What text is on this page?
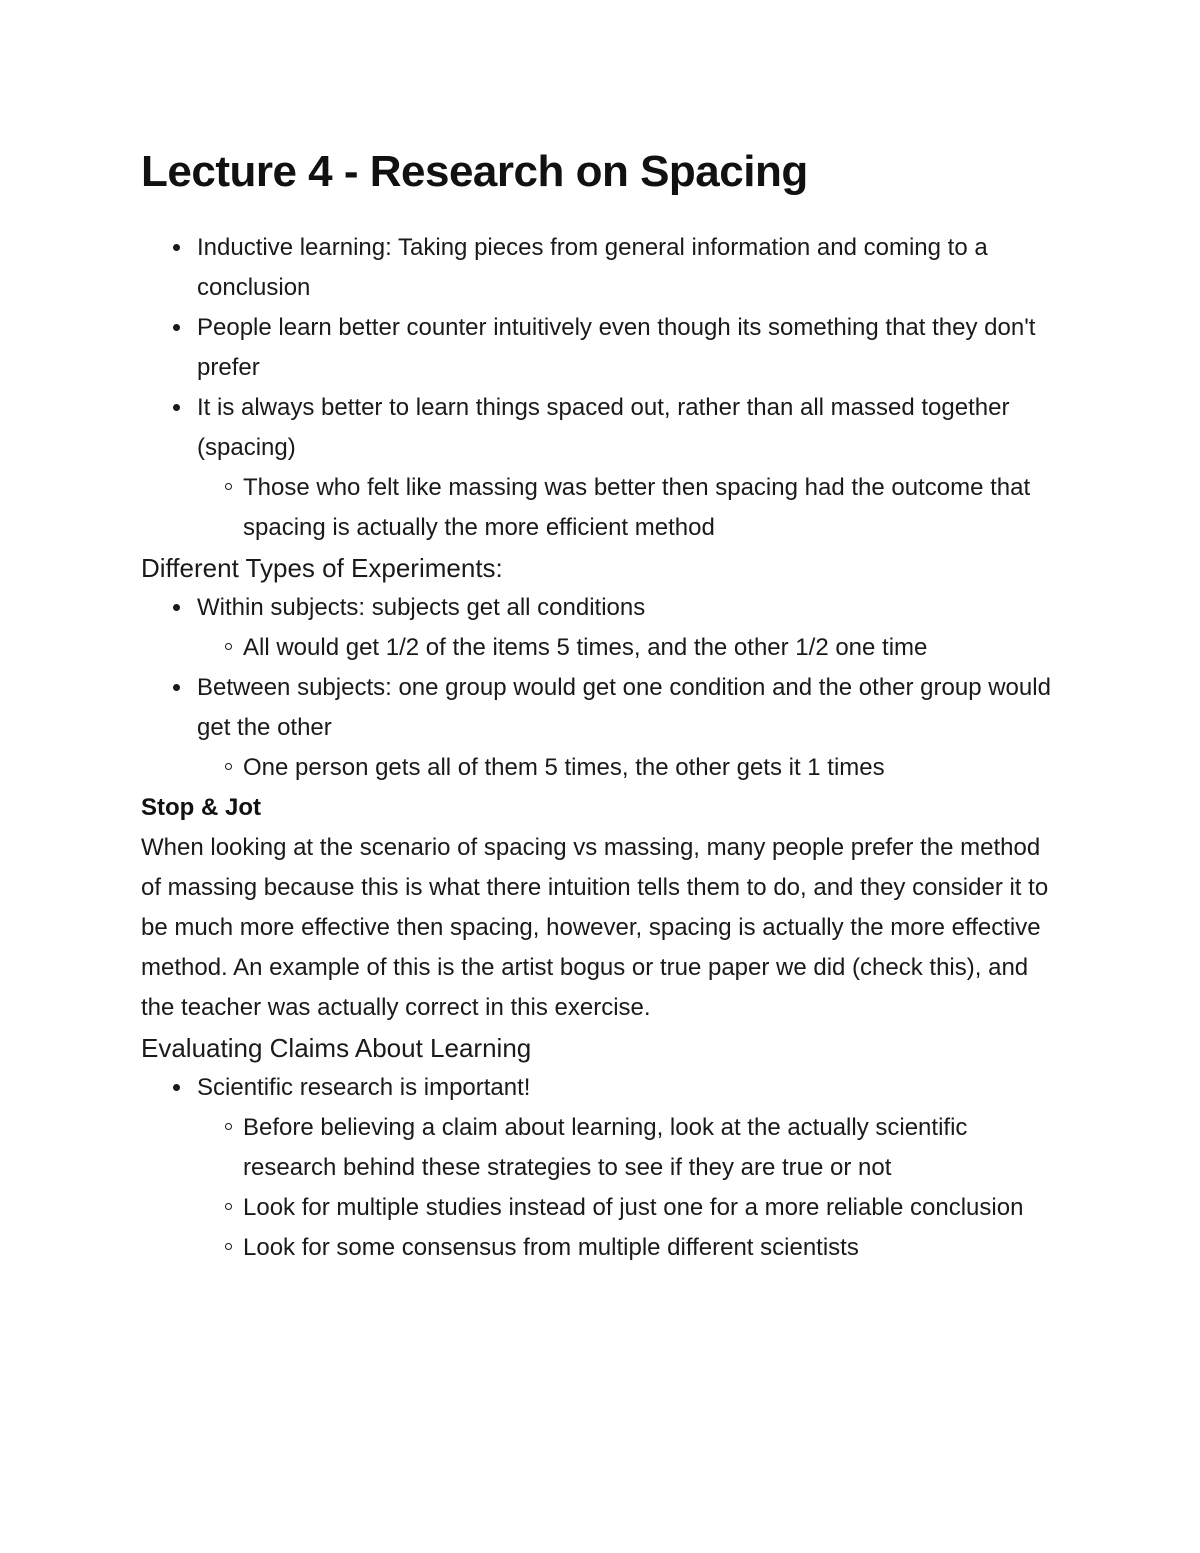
Lecture 4 - Research on Spacing
Inductive learning: Taking pieces from general information and coming to a conclusion
People learn better counter intuitively even though its something that they don't prefer
It is always better to learn things spaced out, rather than all massed together (spacing)
Those who felt like massing was better then spacing had the outcome that spacing is actually the more efficient method

Different Types of Experiments:

Within subjects: subjects get all conditions
All would get 1/2 of the items 5 times, and the other 1/2 one time
Between subjects: one group would get one condition and the other group would get the other
One person gets all of them 5 times, the other gets it 1 times

Stop & Jot

When looking at the scenario of spacing vs massing, many people prefer the method of massing because this is what there intuition tells them to do, and they consider it to be much more effective then spacing, however, spacing is actually the more effective method. An example of this is the artist bogus or true paper we did (check this), and the teacher was actually correct in this exercise.

Evaluating Claims About Learning

Scientific research is important!
Before believing a claim about learning, look at the actually scientific research behind these strategies to see if they are true or not
Look for multiple studies instead of just one for a more reliable conclusion
Look for some consensus from multiple different scientists
